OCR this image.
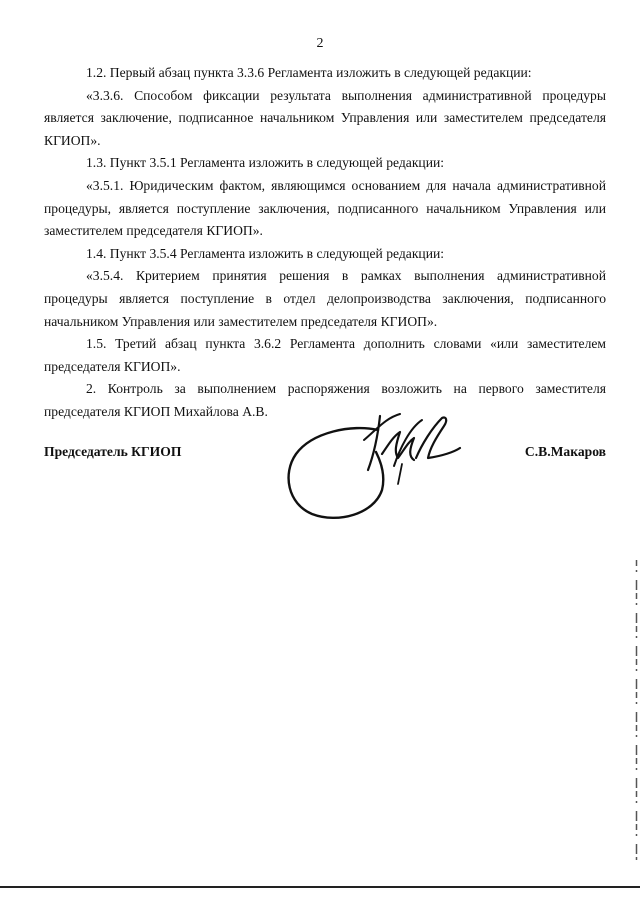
2

1.2. Первый абзац пункта 3.3.6 Регламента изложить в следующей редакции:

«3.3.6. Способом фиксации результата выполнения административной процедуры является заключение, подписанное начальником Управления или заместителем председателя КГИОП».

1.3. Пункт 3.5.1 Регламента изложить в следующей редакции:

«3.5.1. Юридическим фактом, являющимся основанием для начала административной процедуры, является поступление заключения, подписанного начальником Управления или заместителем председателя КГИОП».

1.4. Пункт 3.5.4 Регламента изложить в следующей редакции:

«3.5.4. Критерием принятия решения в рамках выполнения административной процедуры является поступление в отдел делопроизводства заключения, подписанного начальником Управления или заместителем председателя КГИОП».

1.5. Третий абзац пункта 3.6.2 Регламента дополнить словами «или заместителем председателя КГИОП».

2. Контроль за выполнением распоряжения возложить на первого заместителя председателя КГИОП Михайлова А.В.

Председатель КГИОП	С.В.Макаров
